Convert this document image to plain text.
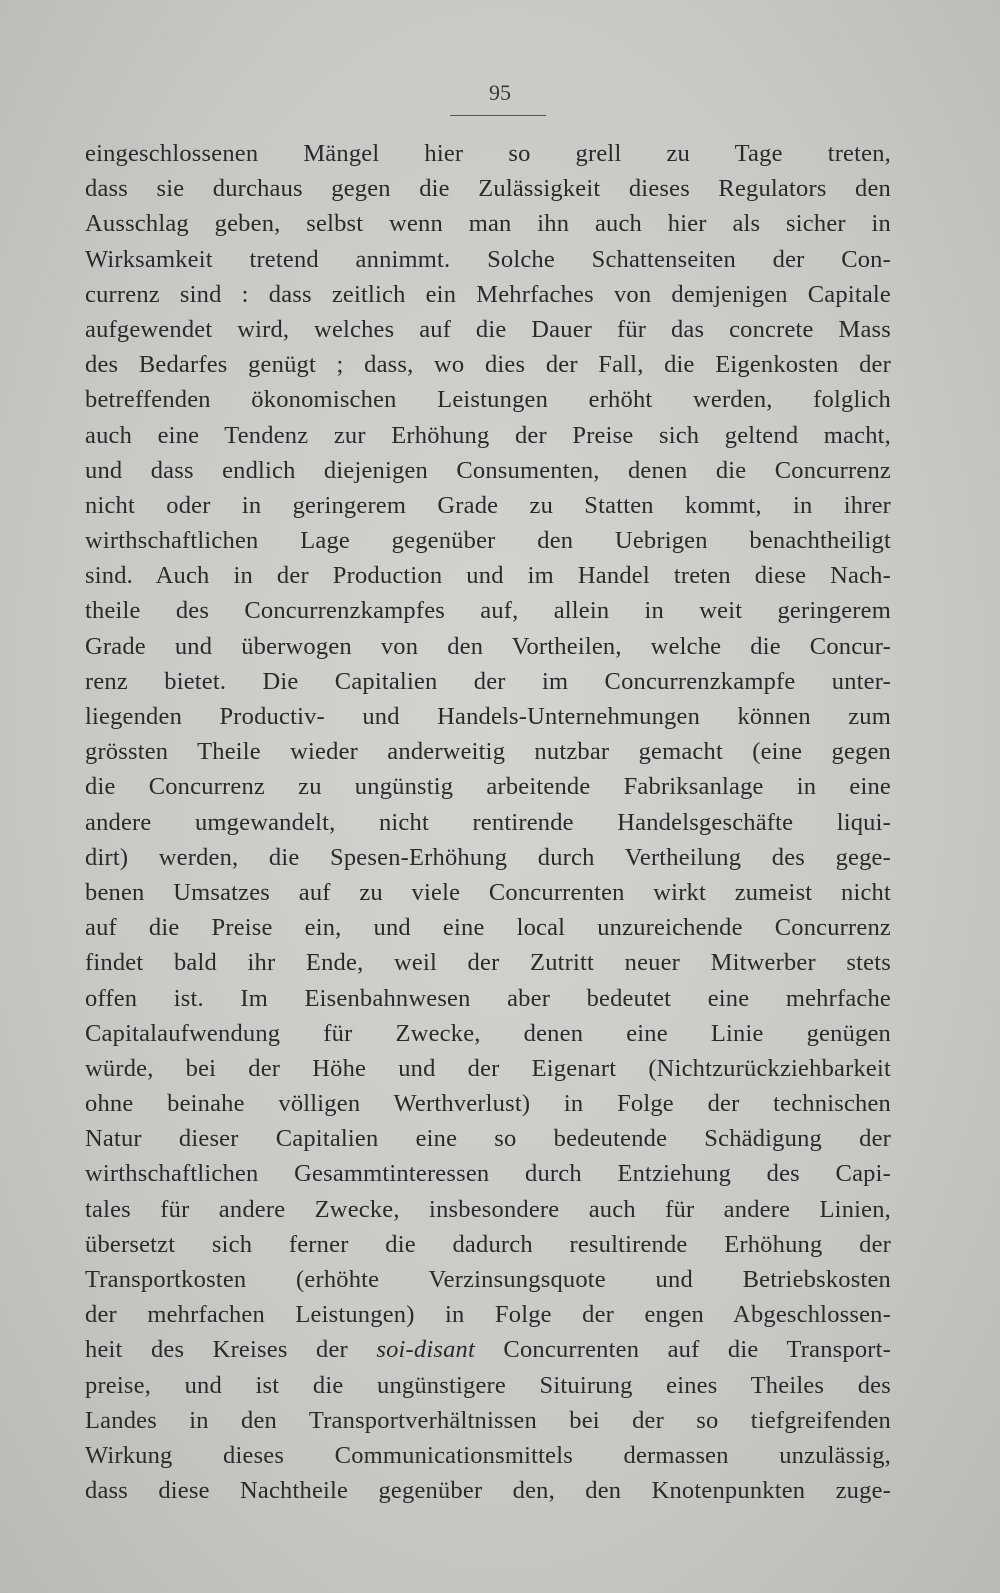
95
eingeschlossenen Mängel hier so grell zu Tage treten,
dass sie durchaus gegen die Zulässigkeit dieses Regulators den
Ausschlag geben, selbst wenn man ihn auch hier als sicher in
Wirksamkeit tretend annimmt. Solche Schattenseiten der Con-
currenz sind : dass zeitlich ein Mehrfaches von demjenigen Capitale
aufgewendet wird, welches auf die Dauer für das concrete Mass
des Bedarfes genügt ; dass, wo dies der Fall, die Eigenkosten der
betreffenden ökonomischen Leistungen erhöht werden, folglich
auch eine Tendenz zur Erhöhung der Preise sich geltend macht,
und dass endlich diejenigen Consumenten, denen die Concurrenz
nicht oder in geringerem Grade zu Statten kommt, in ihrer
wirthschaftlichen Lage gegenüber den Uebrigen benachtheiligt
sind. Auch in der Production und im Handel treten diese Nach-
theile des Concurrenzkampfes auf, allein in weit geringerem
Grade und überwogen von den Vortheilen, welche die Concur-
renz bietet. Die Capitalien der im Concurrenzkampfe unter-
liegenden Productiv- und Handels-Unternehmungen können zum
grössten Theile wieder anderweitig nutzbar gemacht (eine gegen
die Concurrenz zu ungünstig arbeitende Fabriksanlage in eine
andere umgewandelt, nicht rentirende Handelsgeschäfte liqui-
dirt) werden, die Spesen-Erhöhung durch Vertheilung des gege-
benen Umsatzes auf zu viele Concurrenten wirkt zumeist nicht
auf die Preise ein, und eine local unzureichende Concurrenz
findet bald ihr Ende, weil der Zutritt neuer Mitwerber stets
offen ist. Im Eisenbahnwesen aber bedeutet eine mehrfache
Capitalaufwendung für Zwecke, denen eine Linie genügen
würde, bei der Höhe und der Eigenart (Nichtzurückziehbarkeit
ohne beinahe völligen Werthverlust) in Folge der technischen
Natur dieser Capitalien eine so bedeutende Schädigung der
wirthschaftlichen Gesammtinteressen durch Entziehung des Capi-
tales für andere Zwecke, insbesondere auch für andere Linien,
übersetzt sich ferner die dadurch resultirende Erhöhung der
Transportkosten (erhöhte Verzinsungsquote und Betriebskosten
der mehrfachen Leistungen) in Folge der engen Abgeschlossen-
heit des Kreises der soi-disant Concurrenten auf die Transport-
preise, und ist die ungünstigere Situirung eines Theiles des
Landes in den Transportverhältnissen bei der so tiefgreifenden
Wirkung dieses Communicationsmittels dermassen unzulässig,
dass diese Nachtheile gegenüber den, den Knotenpunkten zuge-
